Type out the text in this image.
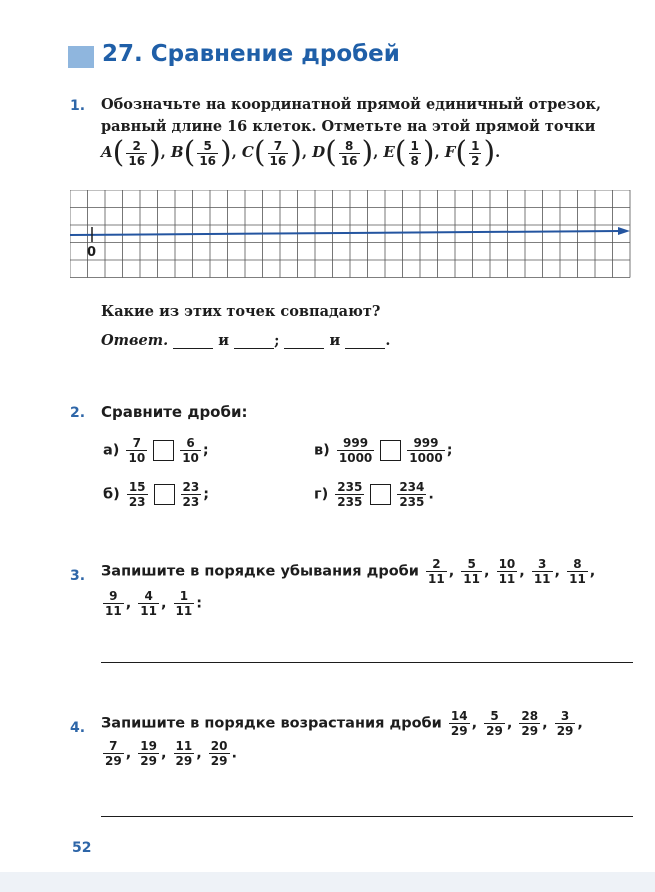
27. Сравнение дробей
1. Обозначьте на координатной прямой единичный отрезок,
равный длине 16 клеток. Отметьте на этой прямой точки
$A( \frac{2}{16}$ ), $B( \frac{5}{16}$ ), $C( \frac{7}{16}$ ), $D( \frac{8}{16}$ ), $E( \frac{1}{8}$ ), $F( \frac{1}{2}$ ).
0
Какие из этих точек совпадают?
Ответ.	и	;	и	.
2. Сравните дроби:
$а) \frac{7}{10}$	$\frac{6}{10}$ ;	$в) \frac{999}{1000}$	$\frac{999}{1000}$ ;
$б) \frac{15}{23}$	$\frac{23}{23}$ ;	$г) \frac{235}{235}$	$\frac{234}{235}$ .
3. Запишите в порядке убывания дроби $\frac{2}{11}$ , $\frac{5}{11}$ , $\frac{10}{11}$ , $\frac{3}{11}$ , $\frac{8}{11}$ ,
$\frac{9}{11}$ , $\frac{4}{11}$ , $\frac{1}{11}$ :
4. Запишите в порядке возрастания дроби $\frac{14}{29}$ , $\frac{5}{29}$ , $\frac{28}{29}$ , $\frac{3}{29}$ ,
$\frac{7}{29}$ , $\frac{19}{29}$ , $\frac{11}{29}$ , $\frac{20}{29}$ .
52
